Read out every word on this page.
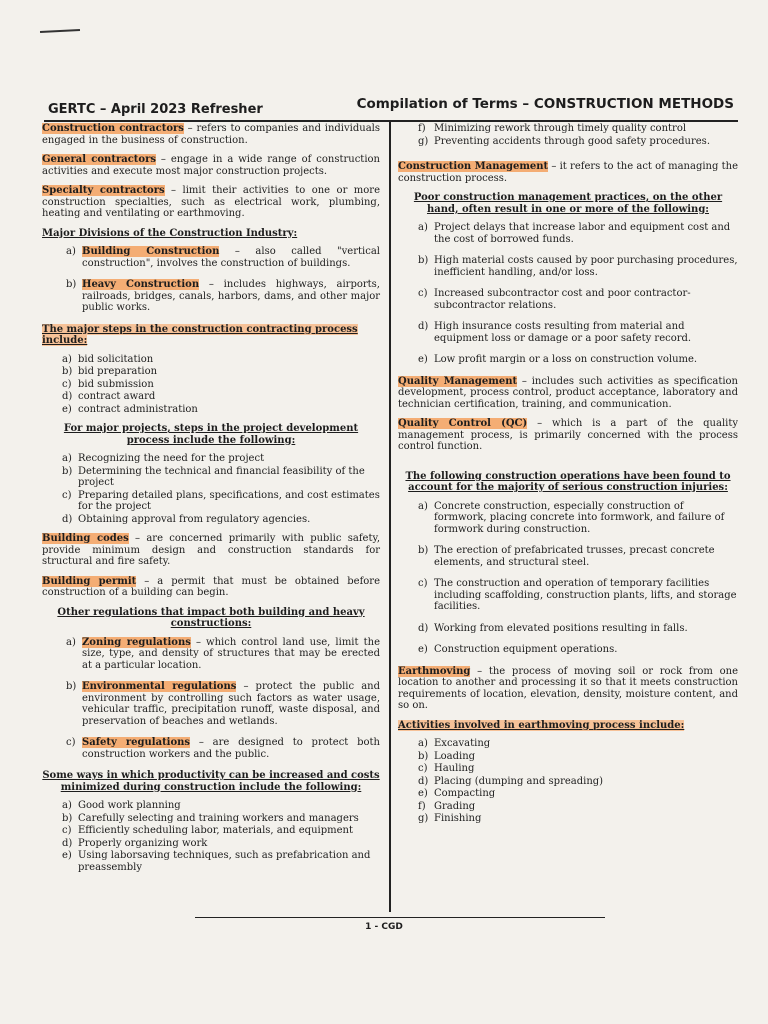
GERTC – April 2023 Refresher	Compilation of Terms – CONSTRUCTION METHODS

Construction contractors – refers to companies and individuals engaged in the business of construction.

General contractors – engage in a wide range of construction activities and execute most major construction projects.

Specialty contractors – limit their activities to one or more construction specialties, such as electrical work, plumbing, heating and ventilating or earthmoving.

Major Divisions of the Construction Industry:

a) Building Construction – also called "vertical construction", involves the construction of buildings.
b) Heavy Construction – includes highways, airports, railroads, bridges, canals, harbors, dams, and other major public works.

The major steps in the construction contracting process include:

a) bid solicitation
b) bid preparation
c) bid submission
d) contract award
e) contract administration

For major projects, steps in the project development process include the following:

a) Recognizing the need for the project
b) Determining the technical and financial feasibility of the project
c) Preparing detailed plans, specifications, and cost estimates for the project
d) Obtaining approval from regulatory agencies.

Building codes – are concerned primarily with public safety, provide minimum design and construction standards for structural and fire safety.

Building permit – a permit that must be obtained before construction of a building can begin.

Other regulations that impact both building and heavy constructions:

a) Zoning regulations – which control land use, limit the size, type, and density of structures that may be erected at a particular location.
b) Environmental regulations – protect the public and environment by controlling such factors as water usage, vehicular traffic, precipitation runoff, waste disposal, and preservation of beaches and wetlands.
c) Safety regulations – are designed to protect both construction workers and the public.

Some ways in which productivity can be increased and costs minimized during construction include the following:

a) Good work planning
b) Carefully selecting and training workers and managers
c) Efficiently scheduling labor, materials, and equipment
d) Properly organizing work
e) Using laborsaving techniques, such as prefabrication and preassembly
f) Minimizing rework through timely quality control
g) Preventing accidents through good safety procedures.

Construction Management – it refers to the act of managing the construction process.

Poor construction management practices, on the other hand, often result in one or more of the following:

a) Project delays that increase labor and equipment cost and the cost of borrowed funds.
b) High material costs caused by poor purchasing procedures, inefficient handling, and/or loss.
c) Increased subcontractor cost and poor contractor-subcontractor relations.
d) High insurance costs resulting from material and equipment loss or damage or a poor safety record.
e) Low profit margin or a loss on construction volume.

Quality Management – includes such activities as specification development, process control, product acceptance, laboratory and technician certification, training, and communication.

Quality Control (QC) – which is a part of the quality management process, is primarily concerned with the process control function.

The following construction operations have been found to account for the majority of serious construction injuries:

a) Concrete construction, especially construction of formwork, placing concrete into formwork, and failure of formwork during construction.
b) The erection of prefabricated trusses, precast concrete elements, and structural steel.
c) The construction and operation of temporary facilities including scaffolding, construction plants, lifts, and storage facilities.
d) Working from elevated positions resulting in falls.
e) Construction equipment operations.

Earthmoving – the process of moving soil or rock from one location to another and processing it so that it meets construction requirements of location, elevation, density, moisture content, and so on.

Activities involved in earthmoving process include:

a) Excavating
b) Loading
c) Hauling
d) Placing (dumping and spreading)
e) Compacting
f) Grading
g) Finishing
1 - CGD
